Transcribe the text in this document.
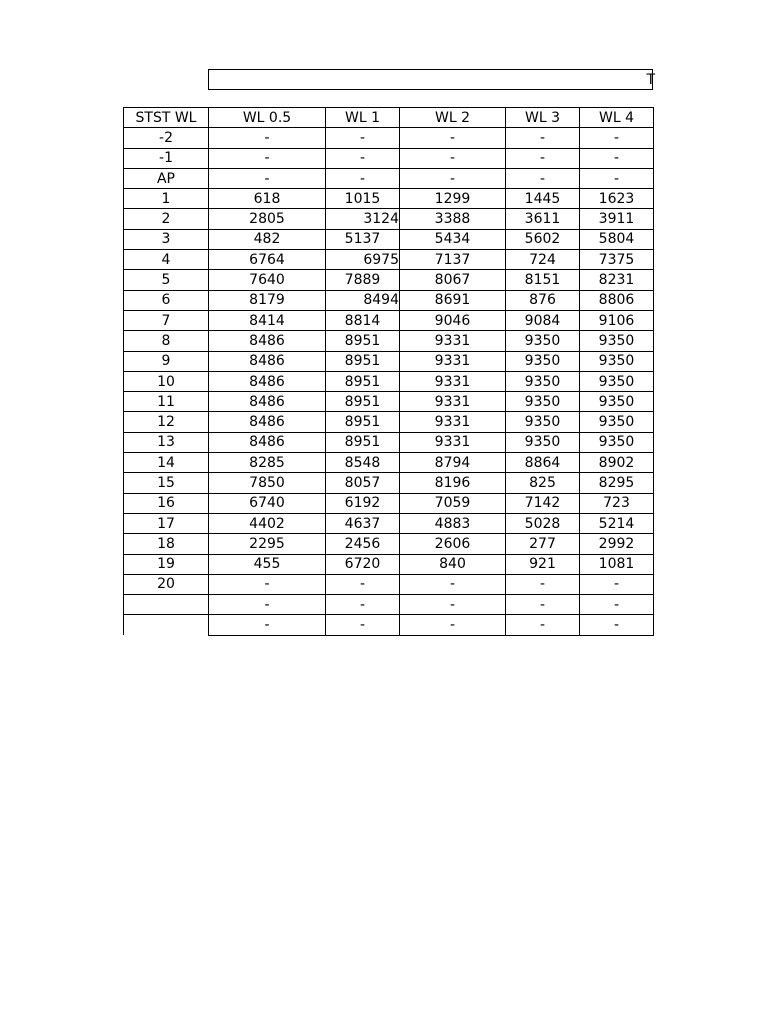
T
STST WL	WL 0.5	WL 1	WL 2	WL 3	WL 4
-2	-	-	-	-	-
-1	-	-	-	-	-
AP	-	-	-	-	-
1	618	1015	1299	1445	1623
2	2805	3124	3388	3611	3911
3	482	5137	5434	5602	5804
4	6764	6975	7137	724	7375
5	7640	7889	8067	8151	8231
6	8179	8494	8691	876	8806
7	8414	8814	9046	9084	9106
8	8486	8951	9331	9350	9350
9	8486	8951	9331	9350	9350
10	8486	8951	9331	9350	9350
11	8486	8951	9331	9350	9350
12	8486	8951	9331	9350	9350
13	8486	8951	9331	9350	9350
14	8285	8548	8794	8864	8902
15	7850	8057	8196	825	8295
16	6740	6192	7059	7142	723
17	4402	4637	4883	5028	5214
18	2295	2456	2606	277	2992
19	455	6720	840	921	1081
20	-	-	-	-	-
	-	-	-	-	-
	-	-	-	-	-
